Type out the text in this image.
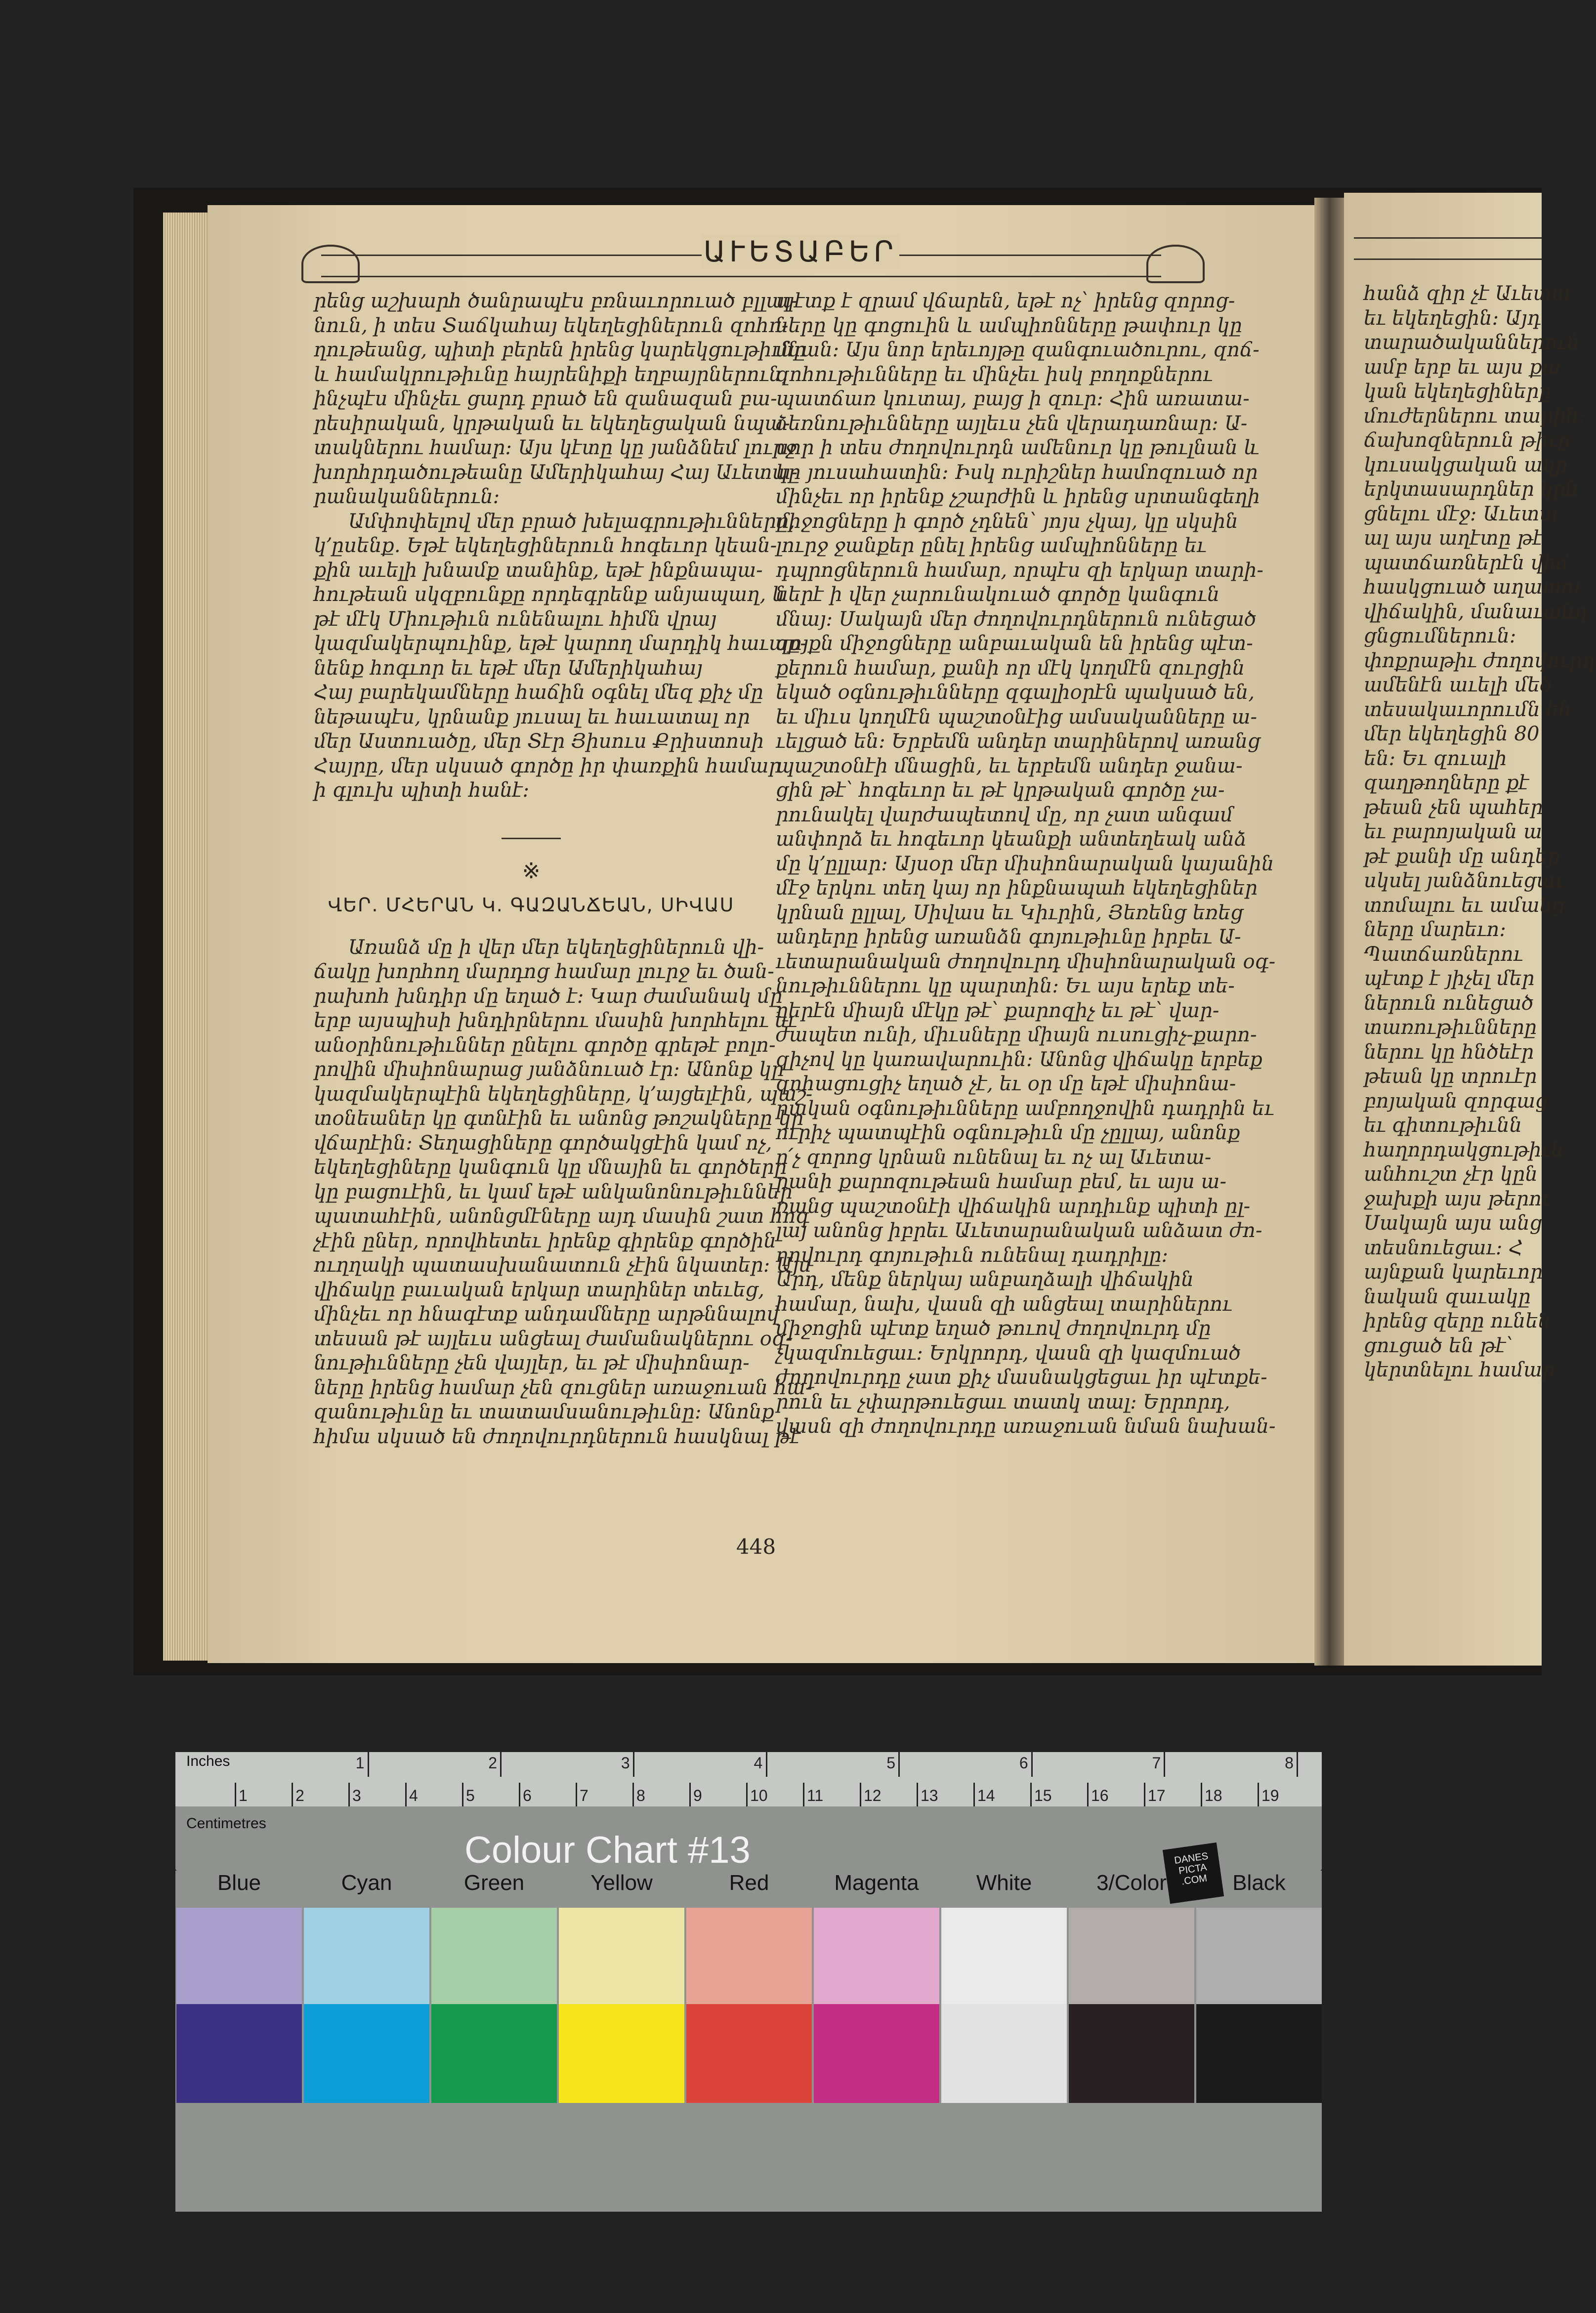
ԱՒԵՏԱԲԵՐ
րենց աշխարհ ծանրապէս բռնաւորուած բլլալ-
նուն, ի տես Տաճկահայ եկեղեցիներուն զոհո-
ղութեանց, պիտի բերեն իրենց կարեկցութիւնը
և համակրութիւնը հայրենիքի եղբայրներուն,
ինչպէս մինչեւ ցարդ բրած են զանազան բա-
րեսիրական, կրթական եւ եկեղեցական նպա-
տակներու համար։ Այս կէտը կը յանձնեմ լուրջ
խորհրդածութեանը Ամերիկահայ Հայ Աւետա-
րանականներուն։
Ամփոփելով մեր բրած խելագրութիւնները,
կ՚ըսենք. Եթէ եկեղեցիներուն հոգեւոր կեան-
քին աւելի խնամք տանինք, եթէ ինքնապա-
հութեան սկզբունքը որդեգրենք անյապաղ, և
թէ մէկ Միութիւն ունենալու հիմն վրայ
կազմակերպուինք, եթէ կարող մարդիկ հաւաք-
նենք հոգւոր եւ եթէ մեր Ամերիկահայ
Հայ բարեկամները հաճին օգնել մեզ քիչ մը
նեթապէս, կրնանք յուսալ եւ հաւատալ որ
մեր Աստուածը, մեր Տէր Յիսուս Քրիստոսի
Հայրը, մեր սկսած գործը իր փառքին համար
ի գլուխ պիտի հանէ։
※
ՎԵՐ. ՄՀԵՐԱՆ Կ. ԳԱԶԱՆՃԵԱՆ, ՍԻՎԱՍ
Առանձ մը ի վեր մեր եկեղեցիներուն վի-
ճակը խորհող մարդոց համար լուրջ եւ ծան-
րախոհ խնդիր մը եղած է։ Կար ժամանակ մը
երբ այսպիսի խնդիրներու մասին խորհելու եւ
անօրինութիւններ ընելու գործը գրեթէ բոլո-
րովին միսիոնարաց յանձնուած էր։ Անոնք կը
կազմակերպէին եկեղեցիները, կ՚այցելէին, պաշ-
տօնեաներ կը գտնէին եւ անոնց թոշակները կը
վճարէին։ Տեղացիները գործակցէին կամ ոչ,
եկեղեցիները կանգուն կը մնային եւ գործերը
կը բացուէին, եւ կամ եթէ անկանոնութիւններ
պատահէին, անոնցմէները այդ մասին շատ հոգ
չէին ըներ, որովհետեւ իրենք գիրենք գործին
ուղղակի պատասխանատուն չէին նկատեր։ Այս
վիճակը բաւական երկար տարիներ տեւեց,
մինչեւ որ հնագէտք անդամները արթննալով
տեսան թէ այլեւս անցեալ ժամանակներու օգ-
նութիւնները չեն վայլեր, եւ թէ միսիոնար-
ները իրենց համար չեն զուցներ առաջուան հա-
զանութիւնը եւ տատամսանութիւնը։ Անոնք
հիմա սկսած են ժողովուրդներուն հասկնալ թէ
պէտք է զրամ վճարեն, եթէ ոչ՝ իրենց զորոց-
ները կը գոցուին և ամպիոնները թափուր կը
մնան։ Այս նոր երեւոյթը զանգուածուրու, զոճ-
զոհութիւնները եւ մինչեւ իսկ բողոքներու
պատճառ կուտայ, բայց ի զուր։ Հին առատա-
ձեռնութիւնները այլեւս չեն վերադառնար։ Ա-
սոր ի տես ժողովուրդն ամենուր կը թուլնան և
կը յուսահատին։ Իսկ ուրիշներ համոզուած որ
մինչեւ որ իրենք չշարժին և իրենց սրտանգեղի
միջոցները ի գործ չդնեն՝ յոյս չկայ, կը սկսին
լուրջ ջանքեր ընել իրենց ամպիոնները եւ
դպրոցներուն համար, որպէս զի երկար տարի-
ներէ ի վեր չարունակուած գործը կանգուն
մնայ։ Սակայն մեր ժողովուրդներուն ունեցած
զոյքն միջոցները անբաւական են իրենց պէտ-
քերուն համար, քանի որ մէկ կողմէն զուրցին
եկած օգնութիւնները զգալիօրէն պակսած են,
եւ միւս կողմէն պաշտօնէից ամսականները ա-
ւելցած են։ Երբեմն անդեր տարիներով առանց
պաշտօնէի մնացին, եւ երբեմն անդեր ջանա-
ցին թէ՝ հոգեւոր եւ թէ կրթական գործը չա-
րունակել վարժապետով մը, որ չատ անգամ
անփորձ եւ հոգեւոր կեանքի անտեղեակ անձ
մը կ՚ըլլար։ Այսօր մեր միսիոնարական կայանին
մէջ երկու տեղ կայ որ ինքնապահ եկեղեցիներ
կրնան ըլլալ, Սիվաս եւ Կիւրին, Յեռենց եռեց
անդերը իրենց առանձն գոյութիւնը իրբեւ Ա-
ւետարանական ժողովուրդ միսիոնարական օգ-
նութիւններու կը պարտին։ Եւ այս երեք տե-
ղերէն միայն մէկը թէ՝ քարոզիչ եւ թէ՝ վար-
ժապետ ունի, միւսները միայն ուսուցիչ-քարո-
զիչով կը կառավարուին։ Անոնց վիճակը երբեք
զոհացուցիչ եղած չէ, եւ օր մը եթէ միսիոնա-
րական օգնութիւնները ամբողջովին դադրին եւ
ուրիչ պատպէին օգնութիւն մը չըլլայ, անոնք
ո՛չ զորոց կրնան ունենալ եւ ոչ ալ Աւետա-
րանի քարոզութեան համար բեմ, եւ այս ա-
ռանց պաշտօնէի վիճակին արդիւնք պիտի ըլ-
լայ անոնց իբրեւ Աւետարանական անձատ ժո-
ղովուրդ գոյութիւն ունենալ դադրիլը։
Արդ, մենք ներկայ անբաղձալի վիճակին
համար, նախ, վասն զի անցեալ տարիներու
միջոցին պէտք եղած թուով ժողովուրդ մը
չկազմուեցաւ։ Երկրորդ, վասն զի կազմուած
ժողովուրդը չատ քիչ մասնակցեցաւ իր պէտքե-
րուն եւ չփարթուեցաւ տատկ տալ։ Երրորդ,
վասն զի ժողովուրդը առաջուան նման նախան-
448
հանձ զիր չէ Աւետա
եւ եկեղեցին։ Այդ
տարածականներուն
ամբ երբ եւ այս քա
կան եկեղեցիները
մուժերներու տարին։
ճախոզներուն թիւը
կուսակցական ակր
երկտասարդներ կրն
ցնելու մէջ։ Աւետա
ալ այս աղէտը թէ
պատճառներէն վիճ
հասկցուած աղատու
վիճակին, մանաւանդ
ցնցումներուն։
փոքրաթիւ ժողովուրդ
ամենէն աւելի մեծ
տեսակաւորումն են
մեր եկեղեցին 80
են։ Եւ զուալի
զաղթողները քէ
թեան չեն պահեր
եւ բարոյական ա
թէ քանի մը անդեր
սկսել յանձնուեցաւ
տոմալու եւ ամանց
ները մարեւո։
Պատճառներու
պէտք է յիչել մեր
ներուն ունեցած
տառութիւնները
ներու կը հնծեէր
թեան կը տրուէր
բոյական զորգաց
եւ գիտութիւնն
հաղորդակցութիւն
անհուշտ չէր կըն
ջախքի այս թերու
Սակայն այս անց
տեսնուեցաւ։ Հ
այնքան կարեւոր
նական զաւակը
իրենց զերը ունեն
ցուցած են թէ՝
կերտնելու համար
Inches
Centimetres
1	2	3	4	5	6	7	8
1	2	3	4	5	6	7	8	9	10 11	12 13 14 15 16 17 18 19
Colour Chart #13	DANES PICTA .COM
Blue	Cyan	Green	Yellow	Red	Magenta	White	3/Color	Black
